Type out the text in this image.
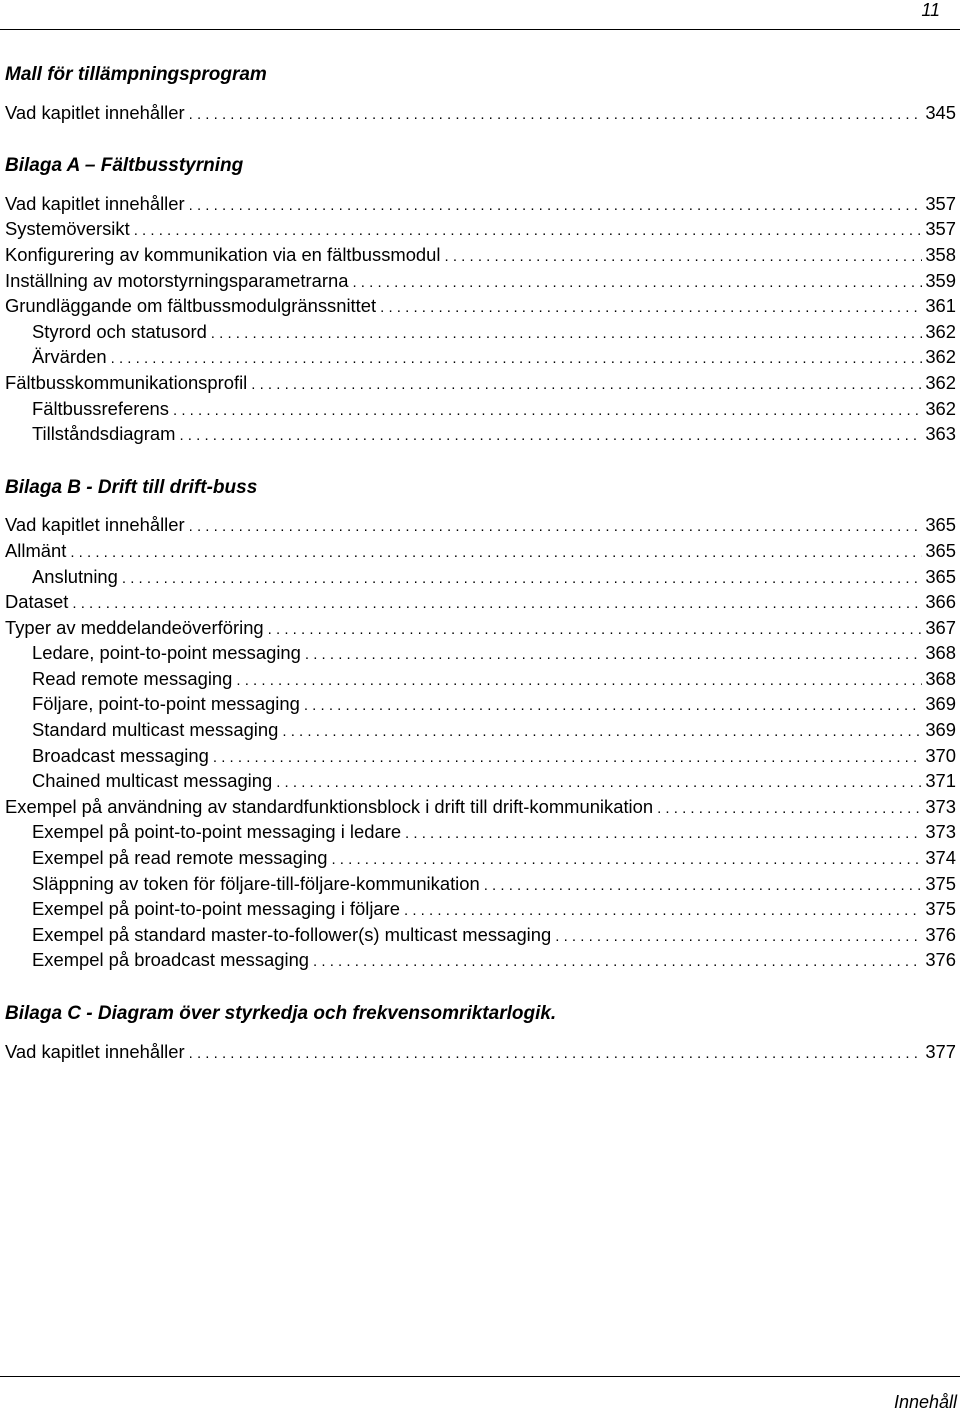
11
Mall för tillämpningsprogram
Vad kapitlet innehåller . . .	345
Bilaga A – Fältbusstyrning
Vad kapitlet innehåller . . .	357
Systemöversikt . . .	357
Konfigurering av kommunikation via en fältbussmodul . . .	358
Inställning av motorstyrningsparametrarna . . .	359
Grundläggande om fältbussmodulgränssnittet . . .	361
Styrord och statusord . . .	362
Ärvärden . . .	362
Fältbusskommunikationsprofil . . .	362
Fältbussreferens . . .	362
Tillståndsdiagram . . .	363
Bilaga B - Drift till drift-buss
Vad kapitlet innehåller . . .	365
Allmänt . . .	365
Anslutning . . .	365
Dataset . . .	366
Typer av meddelandeöverföring . . .	367
Ledare, point-to-point messaging . . .	368
Read remote messaging . . .	368
Följare, point-to-point messaging . . .	369
Standard multicast messaging . . .	369
Broadcast messaging . . .	370
Chained multicast messaging . . .	371
Exempel på användning av standardfunktionsblock i drift till drift-kommunikation . . .	373
Exempel på point-to-point messaging i ledare . . .	373
Exempel på read remote messaging . . .	374
Släppning av token för följare-till-följare-kommunikation . . .	375
Exempel på point-to-point messaging i följare . . .	375
Exempel på standard master-to-follower(s) multicast messaging . . .	376
Exempel på broadcast messaging . . .	376
Bilaga C - Diagram över styrkedja och frekvensomriktarlogik.
Vad kapitlet innehåller . . .	377
Innehåll
